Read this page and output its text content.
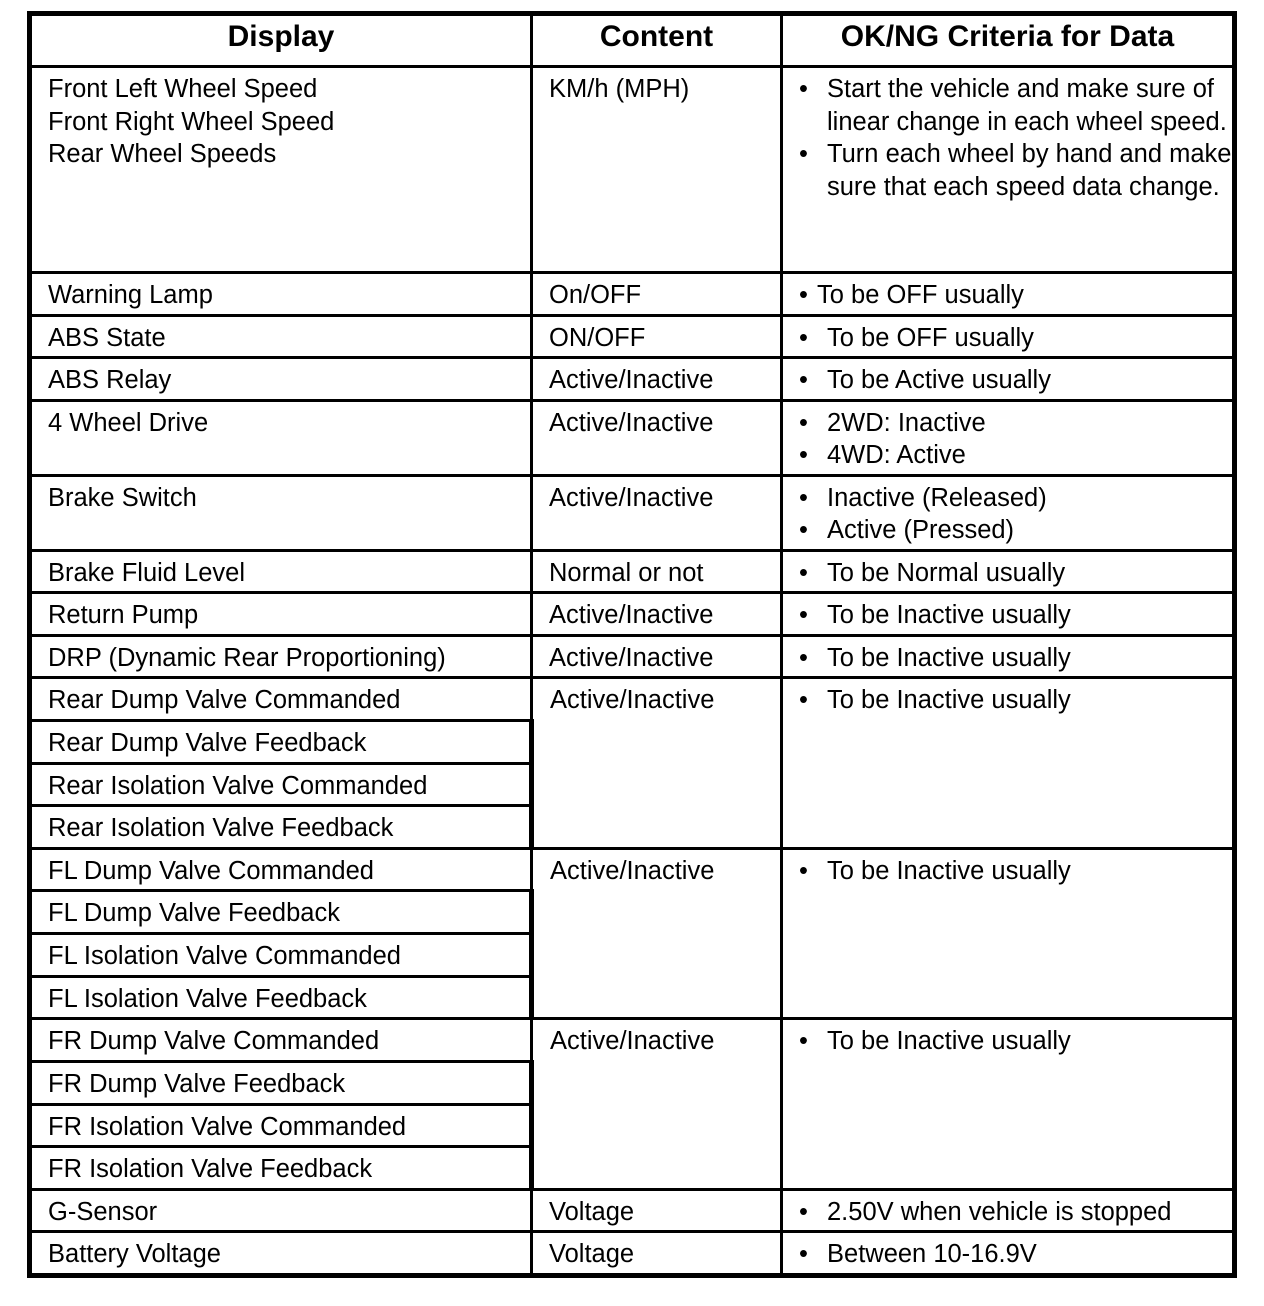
Display	Content	OK/NG Criteria for Data

Front Left Wheel Speed
Front Right Wheel Speed
Rear Wheel Speeds	KM/h (MPH)	• Start the vehicle and make sure of linear change in each wheel speed.
• Turn each wheel by hand and make sure that each speed data change.

Warning Lamp	On/OFF	• To be OFF usually

ABS State	ON/OFF	• To be OFF usually

ABS Relay	Active/Inactive	• To be Active usually

4 Wheel Drive	Active/Inactive	• 2WD: Inactive
• 4WD: Active

Brake Switch	Active/Inactive	• Inactive (Released)
• Active (Pressed)

Brake Fluid Level	Normal or not	• To be Normal usually

Return Pump	Active/Inactive	• To be Inactive usually

DRP (Dynamic Rear Proportioning)	Active/Inactive	• To be Inactive usually

Rear Dump Valve Commanded	Active/Inactive	• To be Inactive usually

Rear Dump Valve Feedback		
Rear Isolation Valve Commanded		
Rear Isolation Valve Feedback		
FL Dump Valve Commanded	Active/Inactive	• To be Inactive usually

FL Dump Valve Feedback		
FL Isolation Valve Commanded		
FL Isolation Valve Feedback		
FR Dump Valve Commanded	Active/Inactive	• To be Inactive usually

FR Dump Valve Feedback		
FR Isolation Valve Commanded		
FR Isolation Valve Feedback		
G-Sensor	Voltage	• 2.50V when vehicle is stopped

Battery Voltage	Voltage	• Between 10-16.9V
